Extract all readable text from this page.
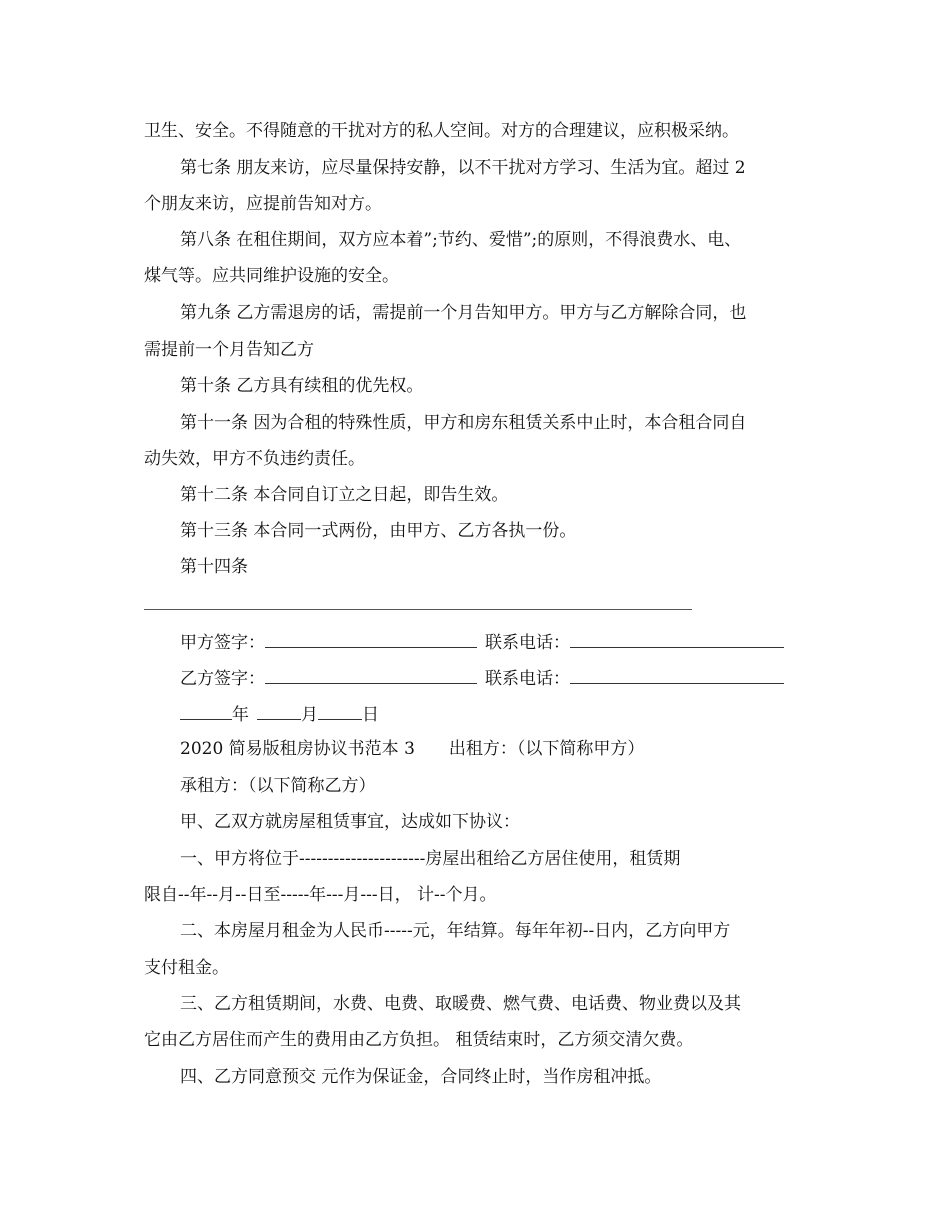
卫生、安全。不得随意的干扰对方的私人空间。对方的合理建议，应积极采纳。
第七条 朋友来访，应尽量保持安静，以不干扰对方学习、生活为宜。超过 2
个朋友来访，应提前告知对方。
第八条 在租住期间，双方应本着”;节约、爱惜”;的原则，不得浪费水、电、
煤气等。应共同维护设施的安全。
第九条 乙方需退房的话，需提前一个月告知甲方。甲方与乙方解除合同，也
需提前一个月告知乙方
第十条 乙方具有续租的优先权。
第十一条 因为合租的特殊性质，甲方和房东租赁关系中止时，本合租合同自
动失效，甲方不负违约责任。
第十二条 本合同自订立之日起，即告生效。
第十三条 本合同一式两份，由甲方、乙方各执一份。
第十四条
甲方签字：	联系电话：
乙方签字：	联系电话：
年	月	日
2020 简易版租房协议书范本 3　　出租方：（以下简称甲方）
承租方：（以下简称乙方）
甲、乙双方就房屋租赁事宜，达成如下协议：
一、甲方将位于----------------------房屋出租给乙方居住使用，租赁期
限自--年--月--日至-----年---月---日， 计--个月。
二、本房屋月租金为人民币-----元，年结算。每年年初--日内，乙方向甲方
支付租金。
三、乙方租赁期间，水费、电费、取暖费、燃气费、电话费、物业费以及其
它由乙方居住而产生的费用由乙方负担。 租赁结束时，乙方须交清欠费。
四、乙方同意预交 元作为保证金，合同终止时，当作房租冲抵。
